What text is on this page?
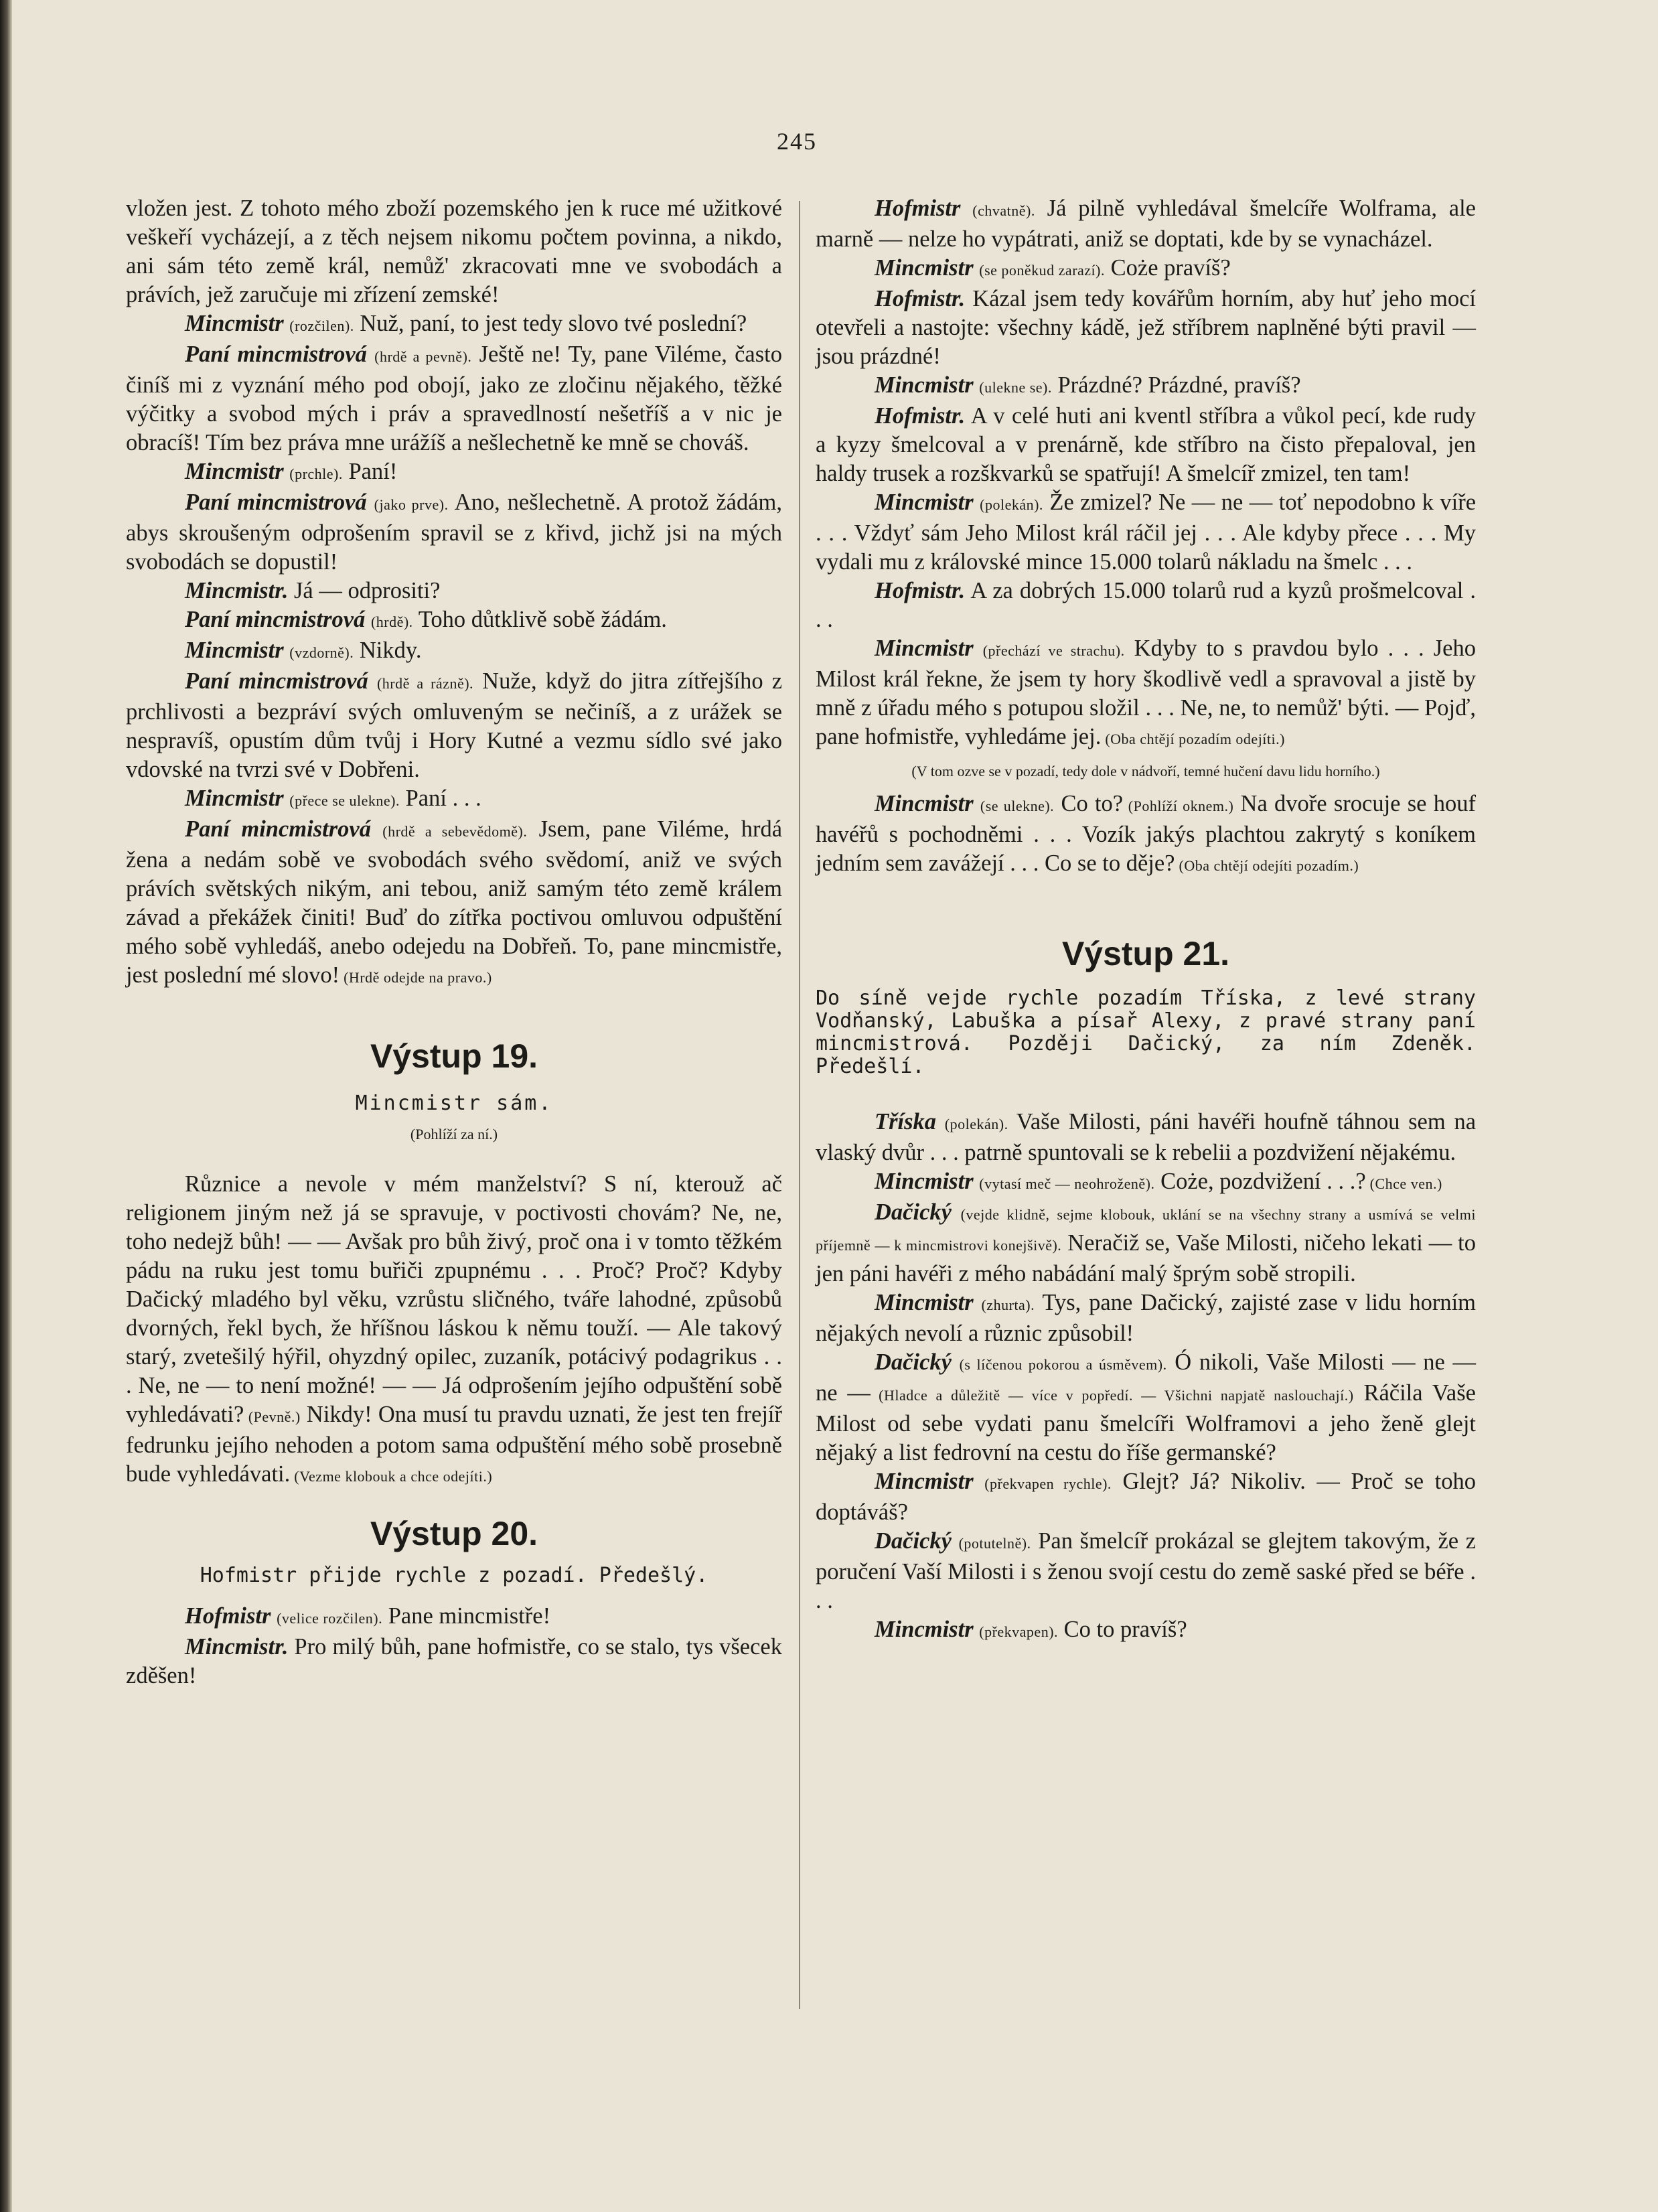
245

vložen jest. Z tohoto mého zboží pozemského jen k ruce mé užitkové veškeří vycházejí, a z těch nejsem nikomu počtem povinna, a nikdo, ani sám této země král, nemůž' zkracovati mne ve svobodách a právích, jež zaručuje mi zřízení zemské!

Mincmistr (rozčilen). Nuž, paní, to jest tedy slovo tvé poslední?

Paní mincmistrová (hrdě a pevně). Ještě ne! Ty, pane Viléme, často činíš mi z vyznání mého pod obojí, jako ze zločinu nějakého, těžké výčitky a svobod mých i práv a spravedlností nešetříš a v nic je obracíš! Tím bez práva mne urážíš a nešlechetně ke mně se chováš.

Mincmistr (prchle). Paní!

Paní mincmistrová (jako prve). Ano, nešlechetně. A protož žádám, abys skroušeným odprošením spravil se z křivd, jichž jsi na mých svobodách se dopustil!

Mincmistr. Já — odprositi?

Paní mincmistrová (hrdě). Toho důtklivě sobě žádám.

Mincmistr (vzdorně). Nikdy.

Paní mincmistrová (hrdě a rázně). Nuže, když do jitra zítřejšího z prchlivosti a bezpráví svých omluveným se nečiníš, a z urážek se nespravíš, opustím dům tvůj i Hory Kutné a vezmu sídlo své jako vdovské na tvrzi své v Dobřeni.

Mincmistr (přece se ulekne). Paní . . .

Paní mincmistrová (hrdě a sebevědomě). Jsem, pane Viléme, hrdá žena a nedám sobě ve svobodách svého svědomí, aniž ve svých právích světských nikým, ani tebou, aniž samým této země králem závad a překážek činiti! Buď do zítřka poctivou omluvou odpuštění mého sobě vyhledáš, anebo odejedu na Dobřeň. To, pane mincmistře, jest poslední mé slovo! (Hrdě odejde na pravo.)

Výstup 19.
Mincmistr sám.
(Pohlíží za ní.)

Různice a nevole v mém manželství? S ní, kterouž ač religionem jiným než já se spravuje, v poctivosti chovám? Ne, ne, toho nedejž bůh! — — Avšak pro bůh živý, proč ona i v tomto těžkém pádu na ruku jest tomu buřiči zpupnému . . . Proč? Proč? Kdyby Dačický mladého byl věku, vzrůstu sličného, tváře lahodné, způsobů dvorných, řekl bych, že hříšnou láskou k němu touží. — Ale takový starý, zvetešilý hýřil, ohyzdný opilec, zuzaník, potácivý podagrikus . . . Ne, ne — to není možné! — — Já odprošením jejího odpuštění sobě vyhledávati? (Pevně.) Nikdy! Ona musí tu pravdu uznati, že jest ten frejíř fedrunku jejího nehoden a potom sama odpuštění mého sobě prosebně bude vyhledávati. (Vezme klobouk a chce odejíti.)

Výstup 20.
Hofmistr přijde rychle z pozadí. Předešlý.

Hofmistr (velice rozčilen). Pane mincmistře!

Mincmistr. Pro milý bůh, pane hofmistře, co se stalo, tys všecek zděšen!

Hofmistr (chvatně). Já pilně vyhledával šmelcíře Wolframa, ale marně — nelze ho vypátrati, aniž se doptati, kde by se vynacházel.

Mincmistr (se poněkud zarazí). Coże pravíš?

Hofmistr. Kázal jsem tedy kovářům horním, aby huť jeho mocí otevřeli a nastojte: všechny kádě, jež stříbrem naplněné býti pravil — jsou prázdné!

Mincmistr (ulekne se). Prázdné? Prázdné, pravíš?

Hofmistr. A v celé huti ani kventl stříbra a vůkol pecí, kde rudy a kyzy šmelcoval a v prenárně, kde stříbro na čisto přepaloval, jen haldy trusek a rozškvarků se spatřují! A šmelcíř zmizel, ten tam!

Mincmistr (polekán). Že zmizel? Ne — ne — toť nepodobno k víře . . . Vždyť sám Jeho Milost král ráčil jej . . . Ale kdyby přece . . . My vydali mu z královské mince 15.000 tolarů nákladu na šmelc . . .

Hofmistr. A za dobrých 15.000 tolarů rud a kyzů prošmelcoval . . .

Mincmistr (přechází ve strachu). Kdyby to s pravdou bylo . . . Jeho Milost král řekne, že jsem ty hory škodlivě vedl a spravoval a jistě by mně z úřadu mého s potupou složil . . . Ne, ne, to nemůž' býti. — Pojď, pane hofmistře, vyhledáme jej. (Oba chtějí pozadím odejíti.)

(V tom ozve se v pozadí, tedy dole v nádvoří, temné hučení davu lidu horního.)

Mincmistr (se ulekne). Co to? (Pohlíží oknem.) Na dvoře srocuje se houf havéřů s pochodněmi . . . Vozík jakýs plachtou zakrytý s koníkem jedním sem zavážejí . . . Co se to děje? (Oba chtějí odejíti pozadím.)

Výstup 21.
Do síně vejde rychle pozadím Tříska, z levé strany Vodňanský, Labuška a písař Alexy, z pravé strany paní mincmistrová. Později Dačický, za ním Zdeněk. Předešlí.

Tříska (polekán). Vaše Milosti, páni havéři houfně táhnou sem na vlaský dvůr . . . patrně spuntovali se k rebelii a pozdvižení nějakému.

Mincmistr (vytasí meč — neohroženě). Coże, pozdvižení . . .? (Chce ven.)

Dačický (vejde klidně, sejme klobouk, uklání se na všechny strany a usmívá se velmi příjemně — k mincmistrovi konejšivě). Neračiž se, Vaše Milosti, ničeho lekati — to jen páni havéři z mého nabádání malý šprým sobě stropili.

Mincmistr (zhurta). Tys, pane Dačický, zajisté zase v lidu horním nějakých nevolí a různic způsobil!

Dačický (s líčenou pokorou a úsměvem). Ó nikoli, Vaše Milosti — ne — ne — (Hladce a důležitě — více v popředí. — Všichni napjatě naslouchají.) Ráčila Vaše Milost od sebe vydati panu šmelcíři Wolframovi a jeho ženě glejt nějaký a list fedrovní na cestu do říše germanské?

Mincmistr (překvapen rychle). Glejt? Já? Nikoliv. — Proč se toho doptáváš?

Dačický (potutelně). Pan šmelcíř prokázal se glejtem takovým, že z poručení Vaší Milosti i s ženou svojí cestu do země saské před se béře . . .

Mincmistr (překvapen). Co to pravíš?
